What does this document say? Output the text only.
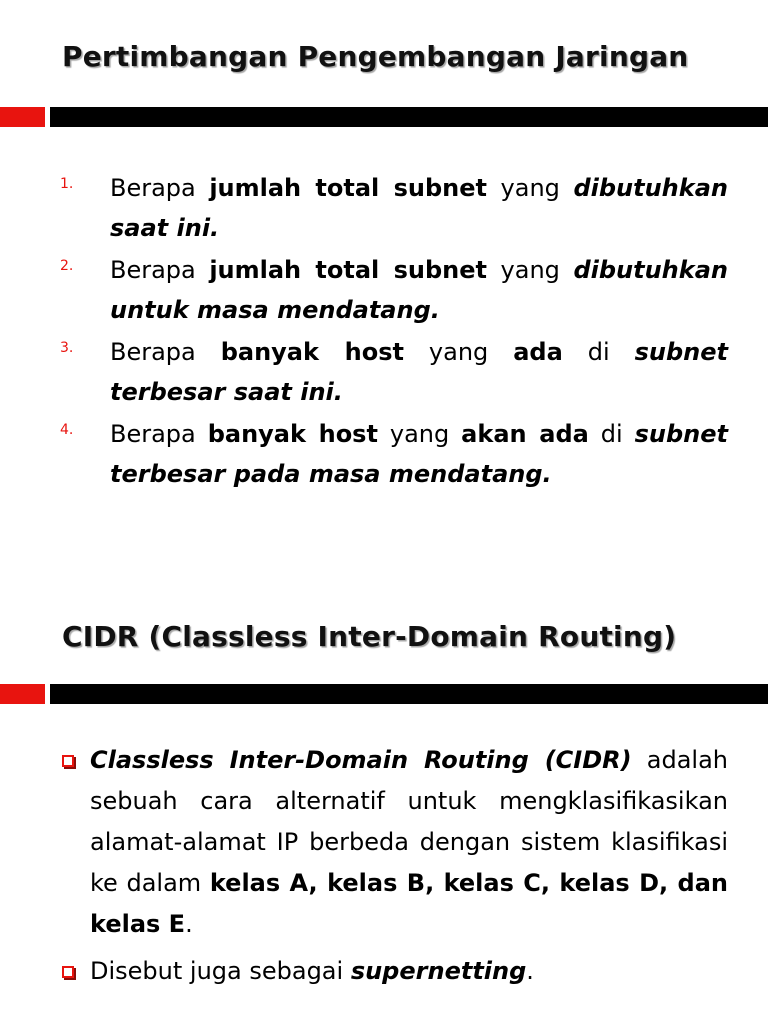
Pertimbangan Pengembangan Jaringan
1. Berapa jumlah total subnet yang dibutuhkan saat ini.
2. Berapa jumlah total subnet yang dibutuhkan untuk masa mendatang.
3. Berapa banyak host yang ada di subnet terbesar saat ini.
4. Berapa banyak host yang akan ada di subnet terbesar pada masa mendatang.
CIDR (Classless Inter-Domain Routing)
Classless Inter-Domain Routing (CIDR) adalah sebuah cara alternatif untuk mengklasifikasikan alamat-alamat IP berbeda dengan sistem klasifikasi ke dalam kelas A, kelas B, kelas C, kelas D, dan kelas E.
Disebut juga sebagai supernetting.
